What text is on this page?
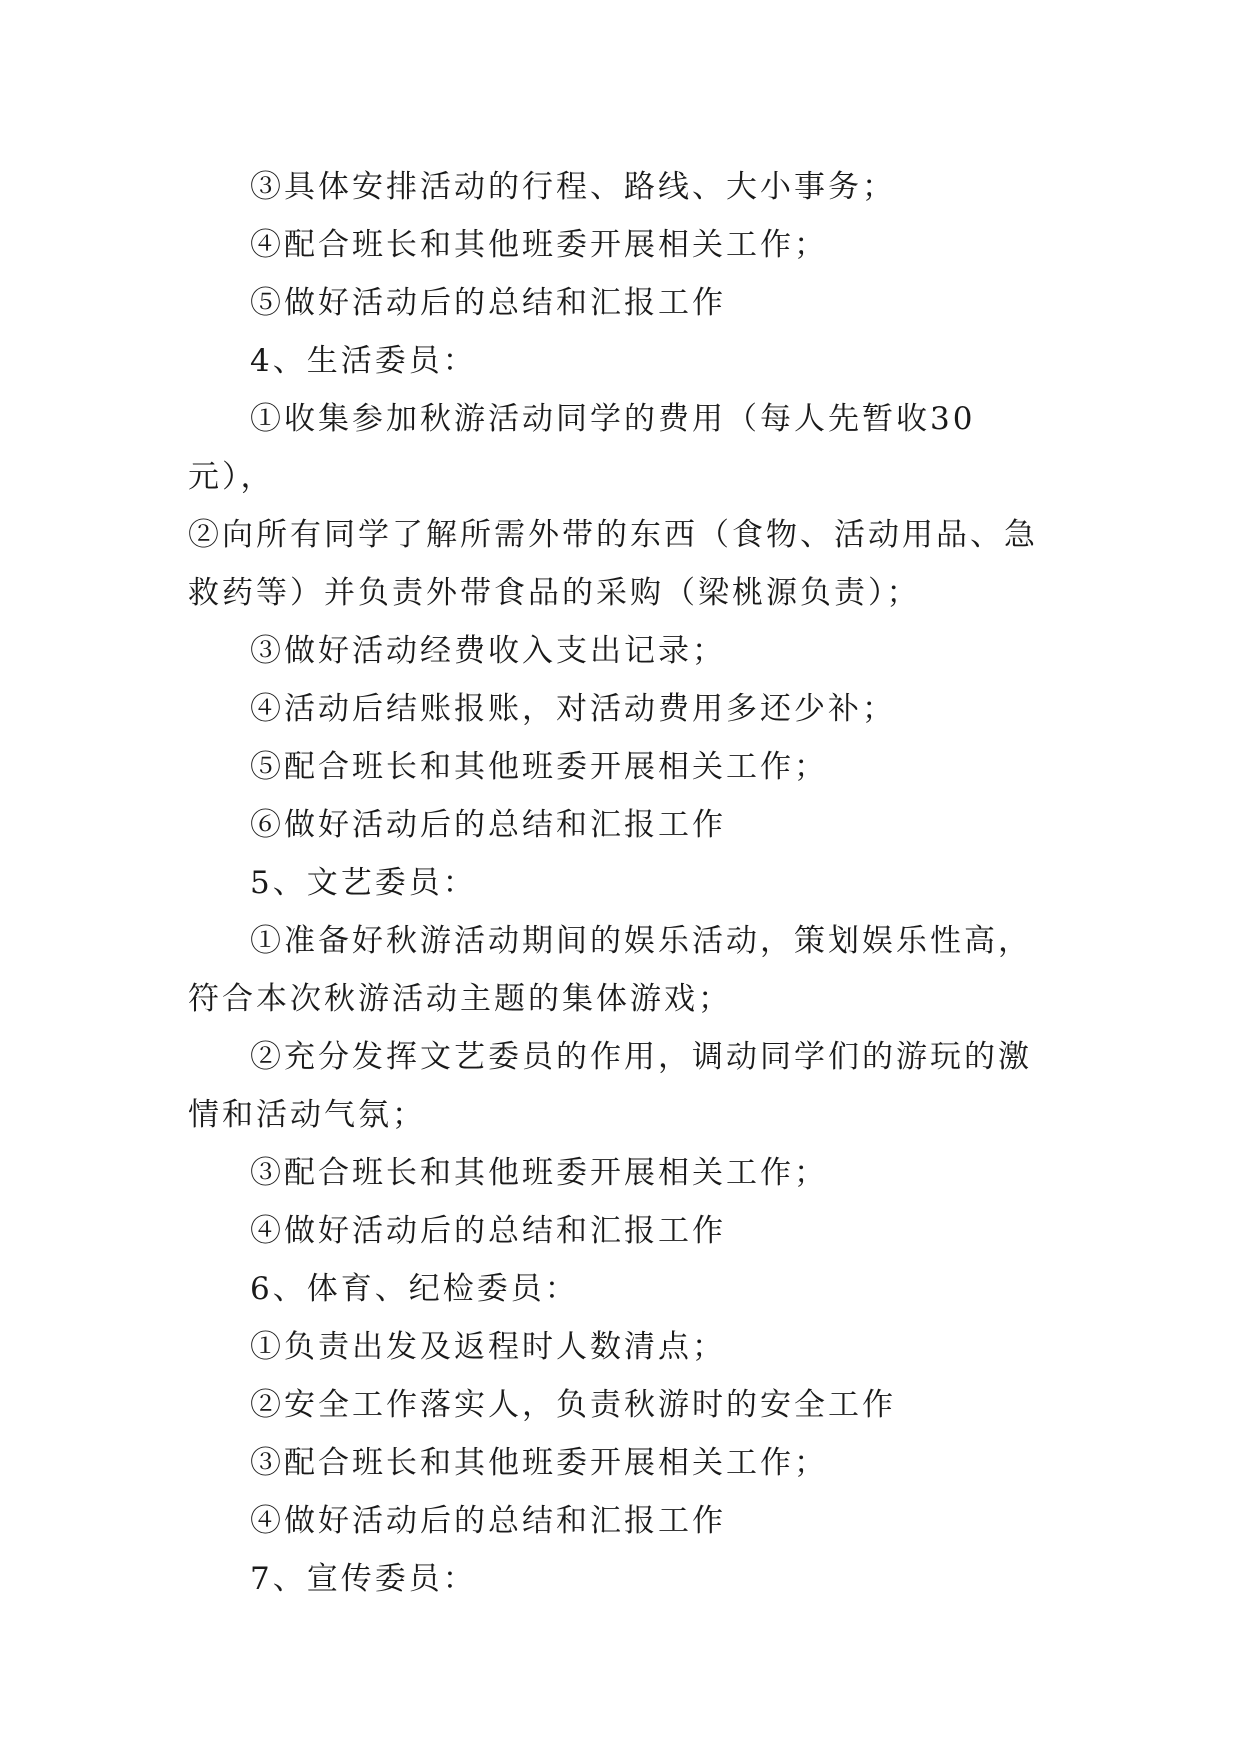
③具体安排活动的行程、路线、大小事务；

④配合班长和其他班委开展相关工作；

⑤做好活动后的总结和汇报工作

4、生活委员：

①收集参加秋游活动同学的费用（每人先暂收30元），

②向所有同学了解所需外带的东西（食物、活动用品、急救药等）并负责外带食品的采购（梁桃源负责）；

③做好活动经费收入支出记录；

④活动后结账报账，对活动费用多还少补；

⑤配合班长和其他班委开展相关工作；

⑥做好活动后的总结和汇报工作

5、文艺委员：

①准备好秋游活动期间的娱乐活动，策划娱乐性高，符合本次秋游活动主题的集体游戏；

②充分发挥文艺委员的作用，调动同学们的游玩的激情和活动气氛；

③配合班长和其他班委开展相关工作；

④做好活动后的总结和汇报工作

6、体育、纪检委员：

①负责出发及返程时人数清点；

②安全工作落实人，负责秋游时的安全工作

③配合班长和其他班委开展相关工作；

④做好活动后的总结和汇报工作

7、宣传委员：
